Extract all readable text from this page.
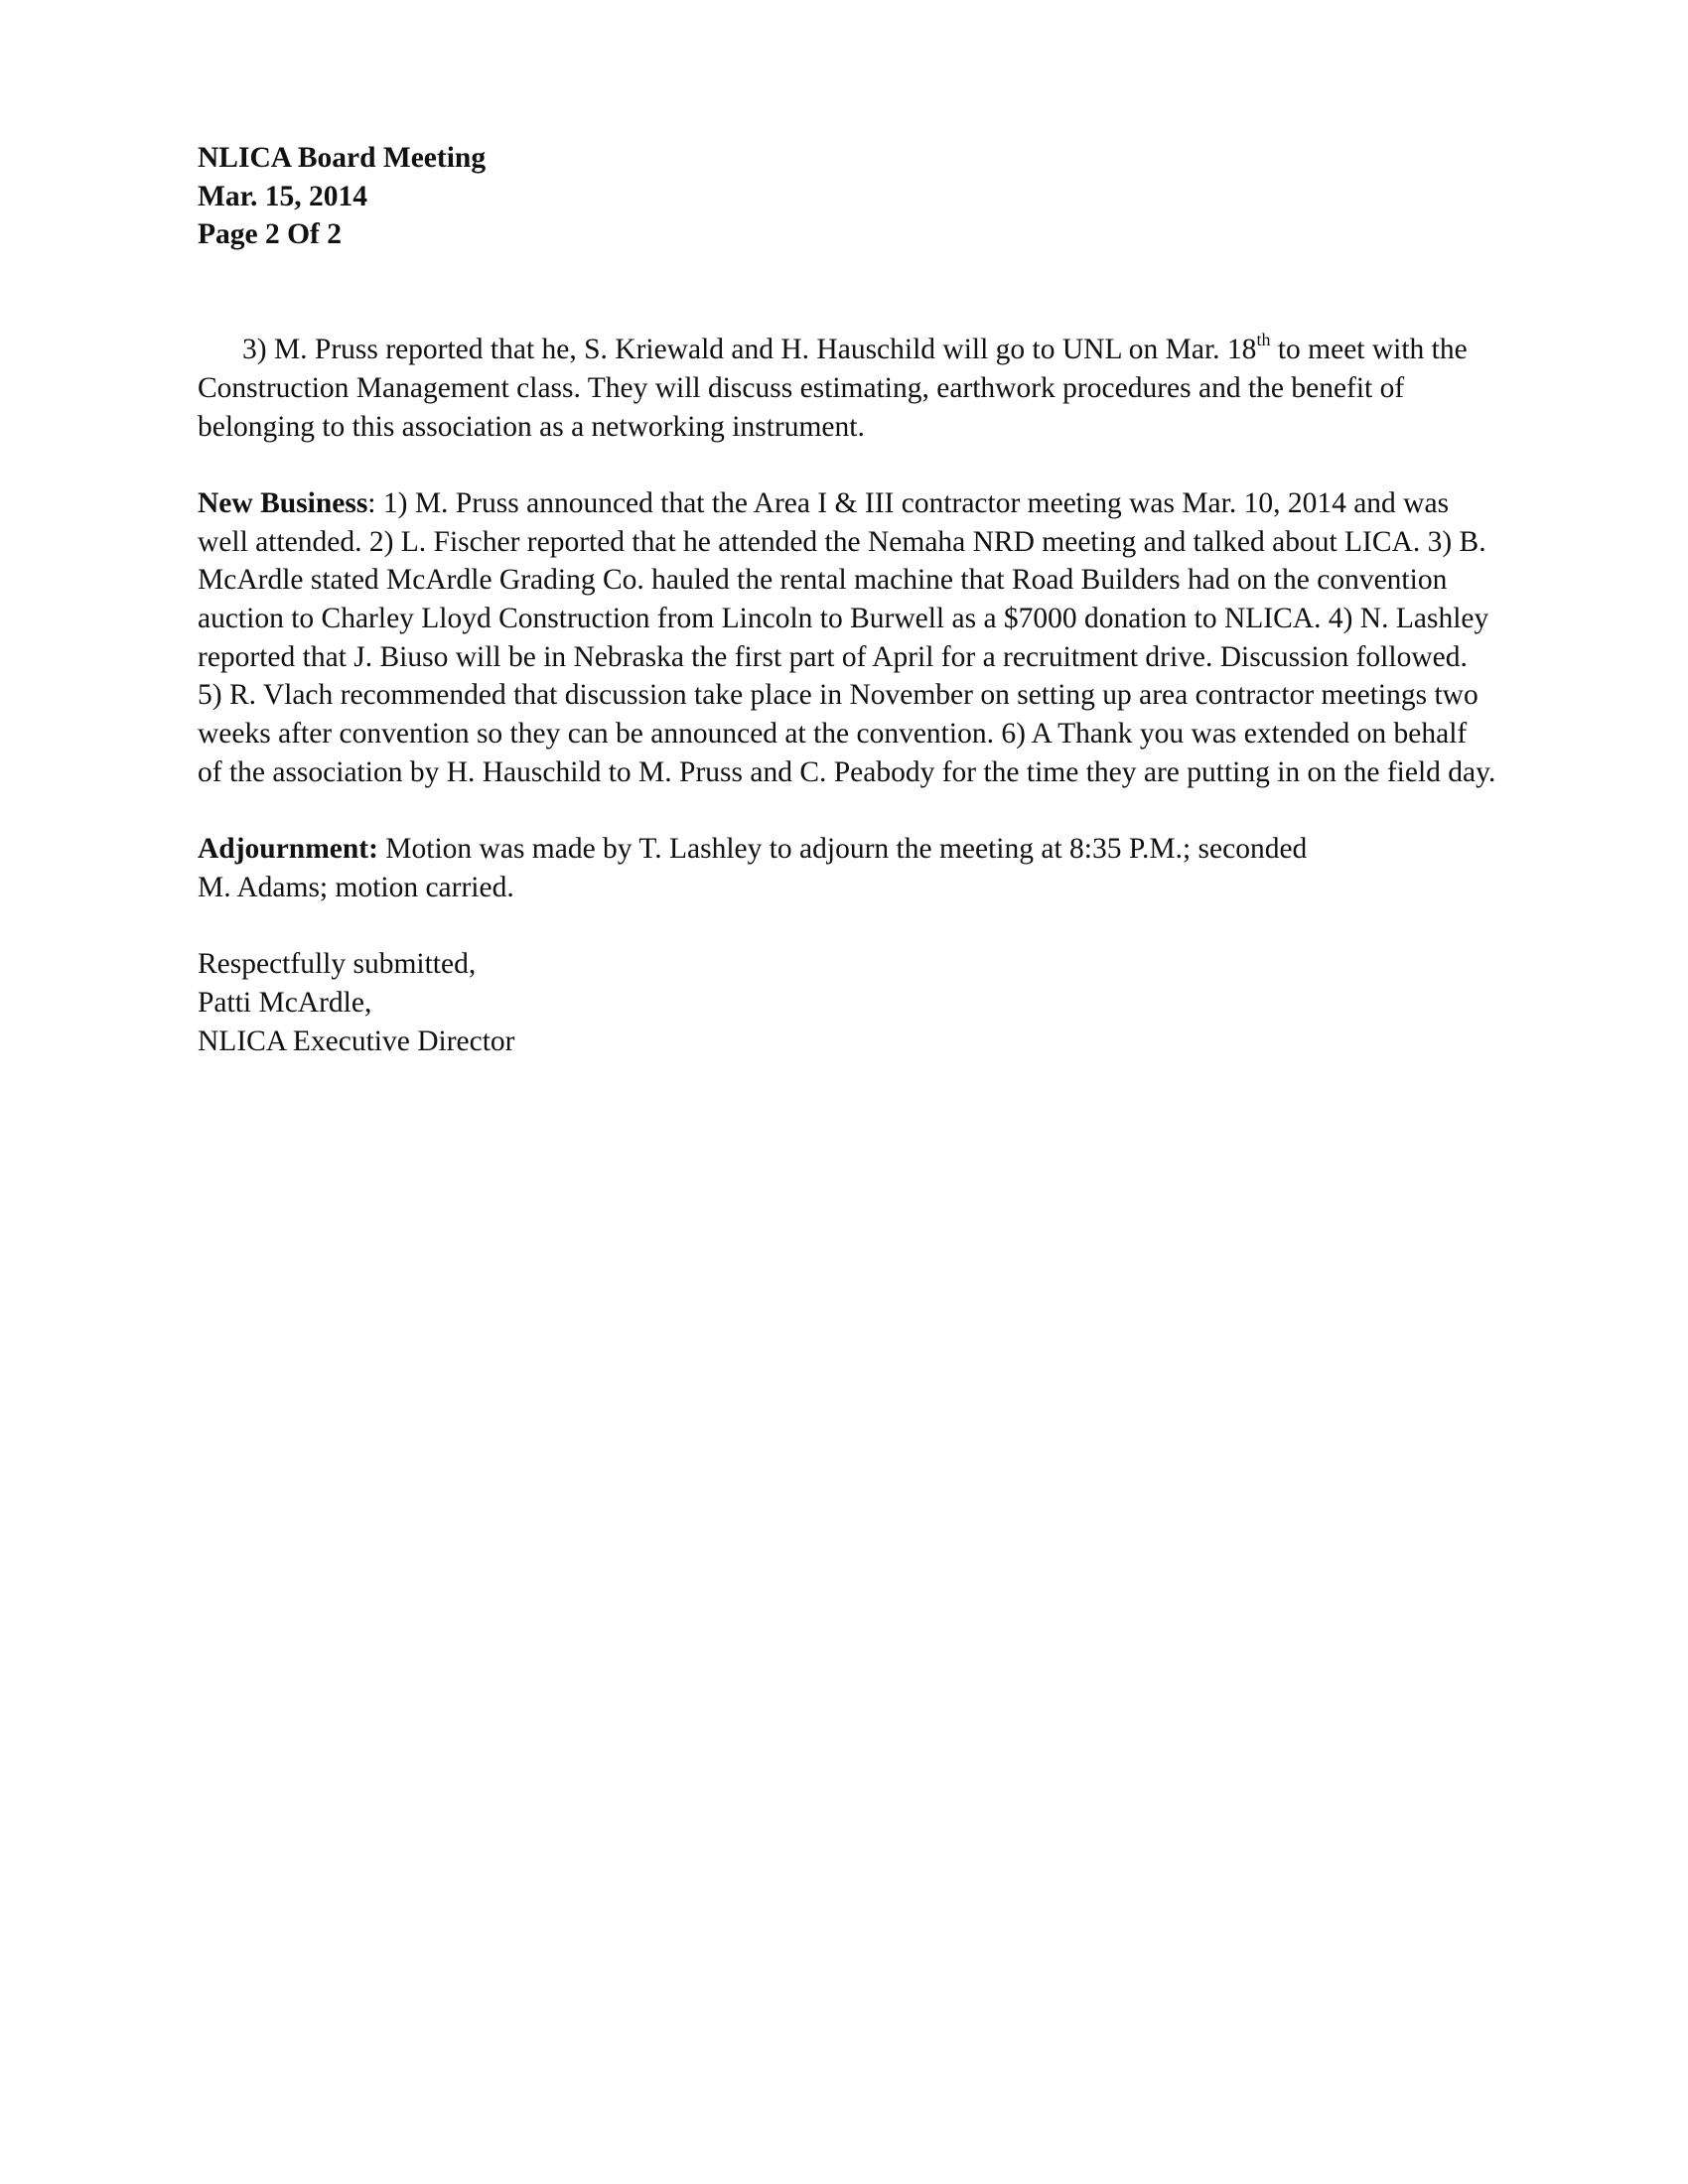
NLICA Board Meeting
Mar. 15, 2014
Page 2 Of 2

3) M. Pruss reported that he, S. Kriewald and H. Hauschild will go to UNL on Mar. 18th to meet with the Construction Management class. They will discuss estimating, earthwork procedures and the benefit of belonging to this association as a networking instrument.

New Business: 1) M. Pruss announced that the Area I & III contractor meeting was Mar. 10, 2014 and was well attended. 2) L. Fischer reported that he attended the Nemaha NRD meeting and talked about LICA. 3) B. McArdle stated McArdle Grading Co. hauled the rental machine that Road Builders had on the convention auction to Charley Lloyd Construction from Lincoln to Burwell as a $7000 donation to NLICA. 4) N. Lashley reported that J. Biuso will be in Nebraska the first part of April for a recruitment drive. Discussion followed. 5) R. Vlach recommended that discussion take place in November on setting up area contractor meetings two weeks after convention so they can be announced at the convention. 6) A Thank you was extended on behalf of the association by H. Hauschild to M. Pruss and C. Peabody for the time they are putting in on the field day.

Adjournment: Motion was made by T. Lashley to adjourn the meeting at 8:35 P.M.; seconded
M. Adams; motion carried.

Respectfully submitted,
Patti McArdle,
NLICA Executive Director
